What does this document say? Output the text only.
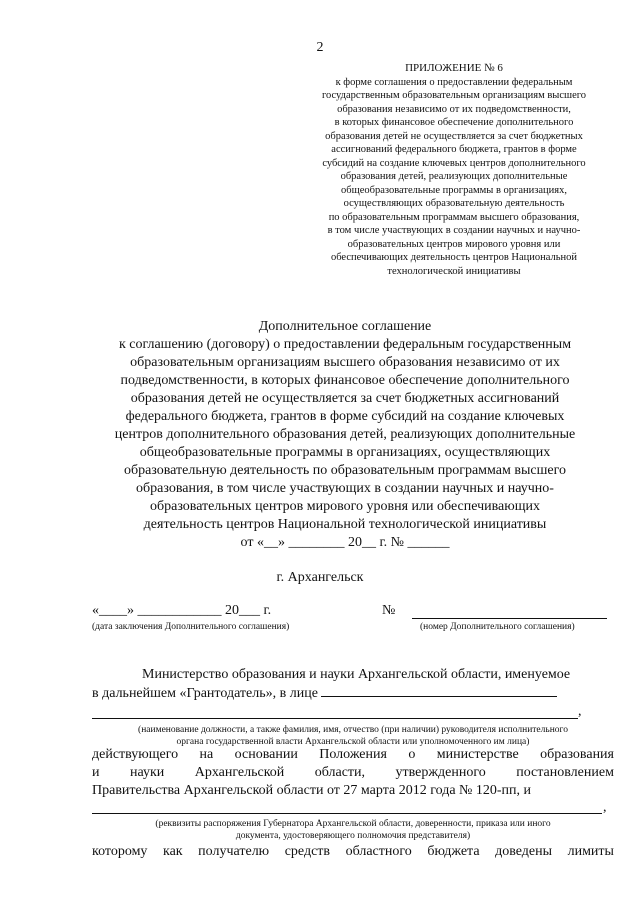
2
ПРИЛОЖЕНИЕ № 6
к форме соглашения о предоставлении федеральным
государственным образовательным организациям высшего
образования независимо от их подведомственности,
в которых финансовое обеспечение дополнительного
образования детей не осуществляется за счет бюджетных
ассигнований федерального бюджета, грантов в форме
субсидий на создание ключевых центров дополнительного
образования детей, реализующих дополнительные
общеобразовательные программы в организациях,
осуществляющих образовательную деятельность
по образовательным программам высшего образования,
в том числе участвующих в создании научных и научно-
образовательных центров мирового уровня или
обеспечивающих деятельность центров Национальной
технологической инициативы
Дополнительное соглашение
к соглашению (договору) о предоставлении федеральным государственным
образовательным организациям высшего образования независимо от их
подведомственности, в которых финансовое обеспечение дополнительного
образования детей не осуществляется за счет бюджетных ассигнований
федерального бюджета, грантов в форме субсидий на создание ключевых
центров дополнительного образования детей, реализующих дополнительные
общеобразовательные программы в организациях, осуществляющих
образовательную деятельность по образовательным программам высшего
образования, в том числе участвующих в создании научных и научно-
образовательных центров мирового уровня или обеспечивающих
деятельность центров Национальной технологической инициативы
от «__» ________ 20__ г. № ______
г. Архангельск
«____» ____________ 20___ г.	№
(дата заключения Дополнительного соглашения)	(номер Дополнительного соглашения)
Министерство образования и науки Архангельской области, именуемое
в дальнейшем «Грантодатель», в лице
,
(наименование должности, а также фамилия, имя, отчество (при наличии) руководителя исполнительного
органа государственной власти Архангельской области или уполномоченного им лица)
действующего на основании Положения о министерстве образования
и науки Архангельской области, утвержденного постановлением
Правительства Архангельской области от 27 марта 2012 года № 120-пп, и
,
(реквизиты распоряжения Губернатора Архангельской области, доверенности, приказа или иного
документа, удостоверяющего полномочия представителя)
которому как получателю средств областного бюджета доведены лимиты
